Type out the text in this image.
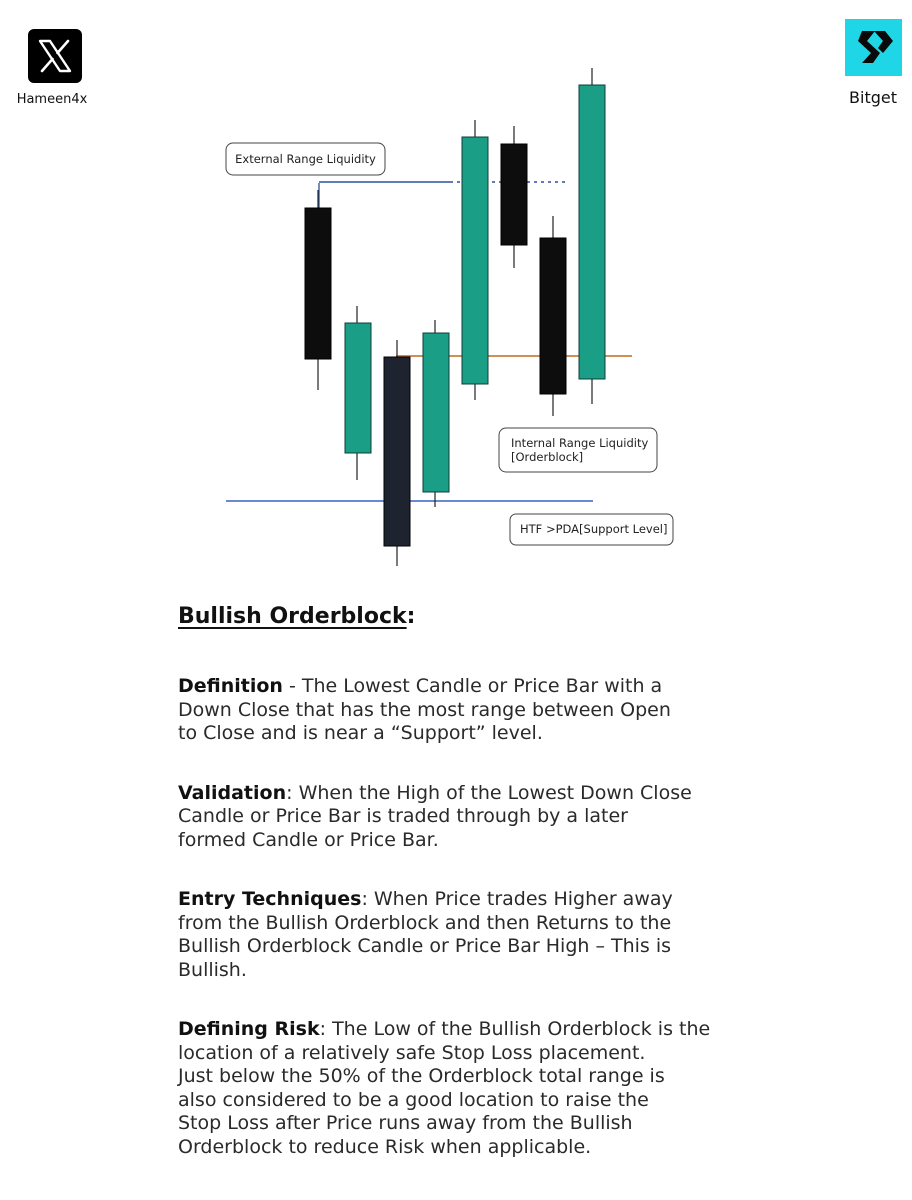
Hameen4x	Bitget
External Range Liquidity
Internal Range Liquidity
[Orderblock]
HTF >PDA[Support Level]
Bullish Orderblock:
Definition - The Lowest Candle or Price Bar with a
Down Close that has the most range between Open
to Close and is near a “Support” level.
Validation: When the High of the Lowest Down Close
Candle or Price Bar is traded through by a later
formed Candle or Price Bar.
Entry Techniques: When Price trades Higher away
from the Bullish Orderblock and then Returns to the
Bullish Orderblock Candle or Price Bar High – This is
Bullish.
Defining Risk: The Low of the Bullish Orderblock is the
location of a relatively safe Stop Loss placement.
Just below the 50% of the Orderblock total range is
also considered to be a good location to raise the
Stop Loss after Price runs away from the Bullish
Orderblock to reduce Risk when applicable.
